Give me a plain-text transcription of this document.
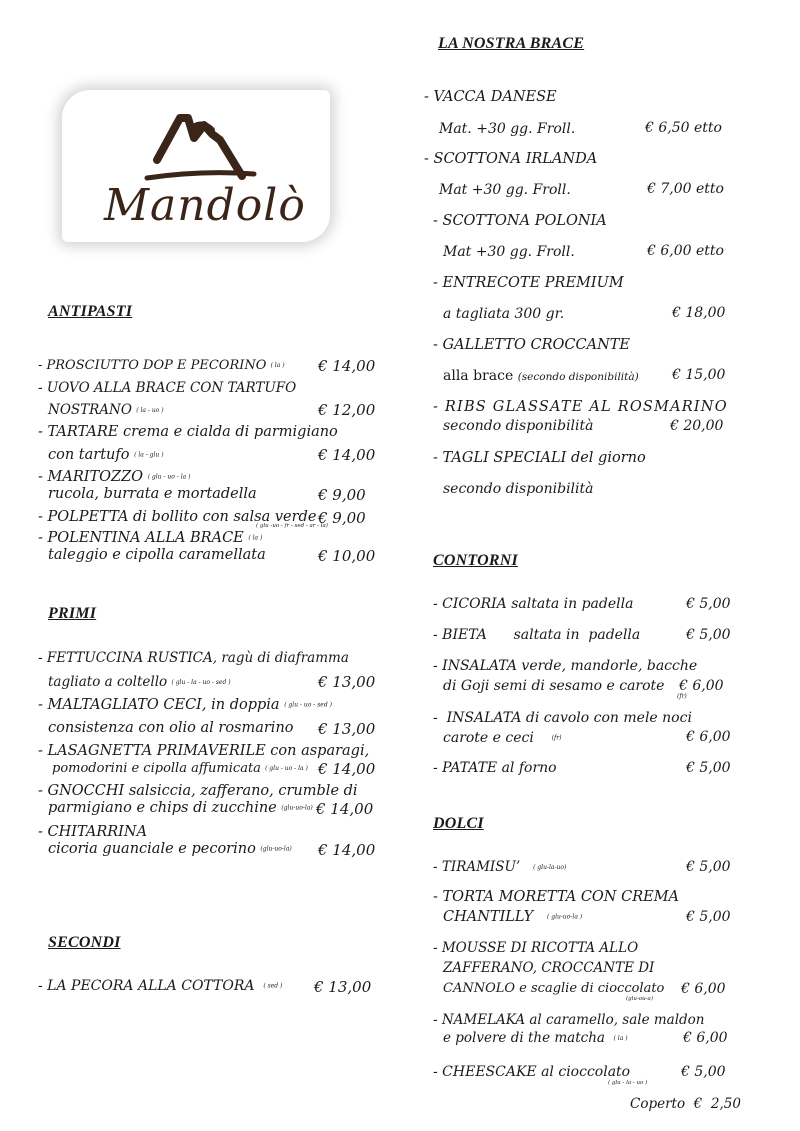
Mandolò
ANTIPASTI
- PROSCIUTTO DOP E PECORINO ( la ) € 14,00
- UOVO ALLA BRACE CON TARTUFO
NOSTRANO ( la - uo )	€ 12,00
- TARTARE crema e cialda di parmigiano
con tartufo ( la - glu )	€ 14,00
- MARITOZZO ( glu - uo - la )
rucola, burrata e mortadella	€ 9,00
- POLPETTA di bollito con salsa verde
( glu -uo - fr - sed - ar - la)
€ 9,00
- POLENTINA ALLA BRACE ( la )
taleggio e cipolla caramellata	€ 10,00
PRIMI
- FETTUCCINA RUSTICA, ragù di diaframma
tagliato a coltello ( glu - la - uo - sed )	€ 13,00
- MALTAGLIATO CECI, in doppia ( glu - uo - sed )
consistenza con olio al rosmarino € 13,00
- LASAGNETTA PRIMAVERILE con asparagi,
pomodorini e cipolla affumicata ( glu - uo - la ) € 14,00
- GNOCCHI salsiccia, zafferano, crumble di
parmigiano e chips di zucchine (glu-uo-la) € 14,00
- CHITARRINA
cicoria guanciale e pecorino (glu-uo-la) € 14,00
SECONDI
- LA PECORA ALLA COTTORA ( sed ) € 13,00
LA NOSTRA BRACE
- VACCA DANESE
Mat. +30 gg. Froll.	€ 6,50 etto
- SCOTTONA IRLANDA
Mat +30 gg. Froll.	€ 7,00 etto
- SCOTTONA POLONIA
Mat +30 gg. Froll.	€ 6,00 etto
- ENTRECOTE PREMIUM
a tagliata 300 gr.	€ 18,00
- GALLETTO CROCCANTE
alla brace (secondo disponibilità) € 15,00
- RIBS GLASSATE AL ROSMARINO
secondo disponibilità	€ 20,00
- TAGLI SPECIALI del giorno
secondo disponibilità
CONTORNI
- CICORIA saltata in padella	€ 5,00
- BIETA      saltata in  padella	€ 5,00
- INSALATA verde, mandorle, bacche
di Goji semi di sesamo e carote
(fr)
€ 6,00
-  INSALATA di cavolo con mele noci
carote e ceci	(fr)	€ 6,00
- PATATE al forno	€ 5,00
DOLCI
- TIRAMISU’ ( glu-la-uo)	€ 5,00
- TORTA MORETTA CON CREMA
CHANTILLY ( glu-uo-la )	€ 5,00
- MOUSSE DI RICOTTA ALLO
ZAFFERANO, CROCCANTE DI
CANNOLO e scaglie di cioccolato
(glu-ou-a)
€ 6,00
- NAMELAKA al caramello, sale maldon
e polvere di the matcha ( la )	€ 6,00
- CHEESCAKE al cioccolato
( glu - la - uo )
€ 5,00
Coperto  €  2,50
